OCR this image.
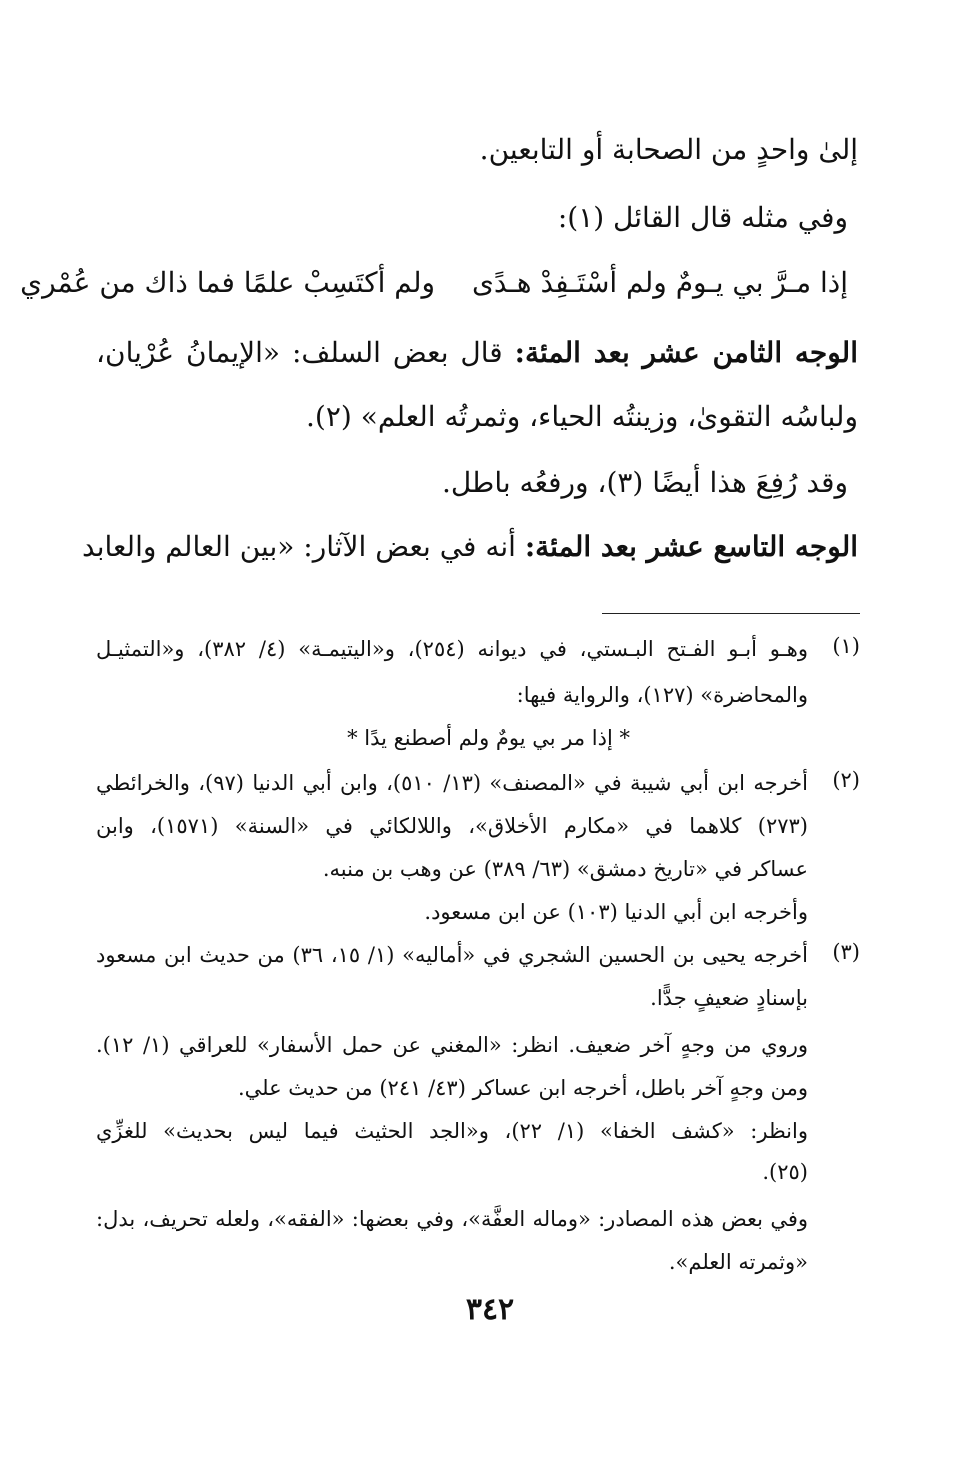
إلىٰ واحدٍ من الصحابة أو التابعين.
وفي مثله قال القائل (١):
إذا مـرَّ بي يـومٌ ولم أسْتَـفِدْ هـدًى
ولم أكتَسِبْ علمًا فما ذاك من عُمْري
الوجه الثامن عشر بعد المئة: قال بعض السلف: «الإيمانُ عُرْيان،
ولباسُه التقوىٰ، وزينتُه الحياء، وثمرتُه العلم» (٢).
وقد رُفِعَ هذا أيضًا (٣)، ورفعُه باطل.
الوجه التاسع عشر بعد المئة: أنه في بعض الآثار: «بين العالم والعابد
(١)
وهـو أبـو الفـتح البـستي، في ديوانه (٢٥٤)، و«اليتيمـة» (٤/ ٣٨٢)، و«التمثيـل
والمحاضرة» (١٢٧)، والرواية فيها:
* إذا مر بي يومٌ ولم أصطنع يدًا *
(٢)
أخرجه ابن أبي شيبة في «المصنف» (١٣/ ٥١٠)، وابن أبي الدنيا (٩٧)، والخرائطي
(٢٧٣) كلاهما في «مكارم الأخلاق»، واللالكائي في «السنة» (١٥٧١)، وابن
عساكر في «تاريخ دمشق» (٦٣/ ٣٨٩) عن وهب بن منبه.
وأخرجه ابن أبي الدنيا (١٠٣) عن ابن مسعود.
(٣)
أخرجه يحيى بن الحسين الشجري في «أماليه» (١/ ١٥، ٣٦) من حديث ابن مسعود
بإسنادٍ ضعيفٍ جدًّا.
وروي من وجهٍ آخر ضعيف. انظر: «المغني عن حمل الأسفار» للعراقي (١/ ١٢).
ومن وجهٍ آخر باطل، أخرجه ابن عساكر (٤٣/ ٢٤١) من حديث علي.
وانظر: «كشف الخفا» (١/ ٢٢)، و«الجد الحثيث فيما ليس بحديث» للغزِّي
(٢٥).
وفي بعض هذه المصادر: «وماله العفَّة»، وفي بعضها: «الفقه»، ولعله تحريف، بدل:
«وثمرته العلم».
٣٤٢
